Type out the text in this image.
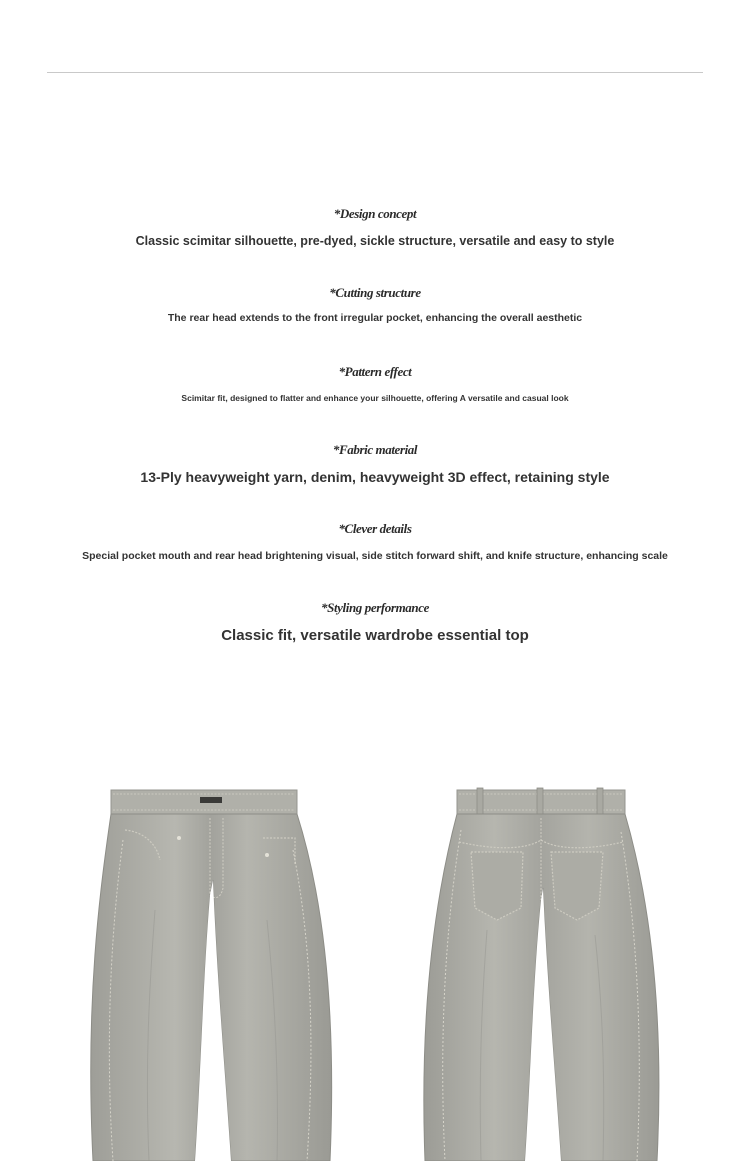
*Design concept

Classic scimitar silhouette, pre-dyed, sickle structure, versatile and easy to style

*Cutting structure

The rear head extends to the front irregular pocket, enhancing the overall aesthetic

*Pattern effect

Scimitar fit, designed to flatter and enhance your silhouette, offering A versatile and casual look

*Fabric material

13-Ply heavyweight yarn, denim, heavyweight 3D effect, retaining style

*Clever details

Special pocket mouth and rear head brightening visual, side stitch forward shift, and knife structure, enhancing scale

*Styling performance

Classic fit, versatile wardrobe essential top
